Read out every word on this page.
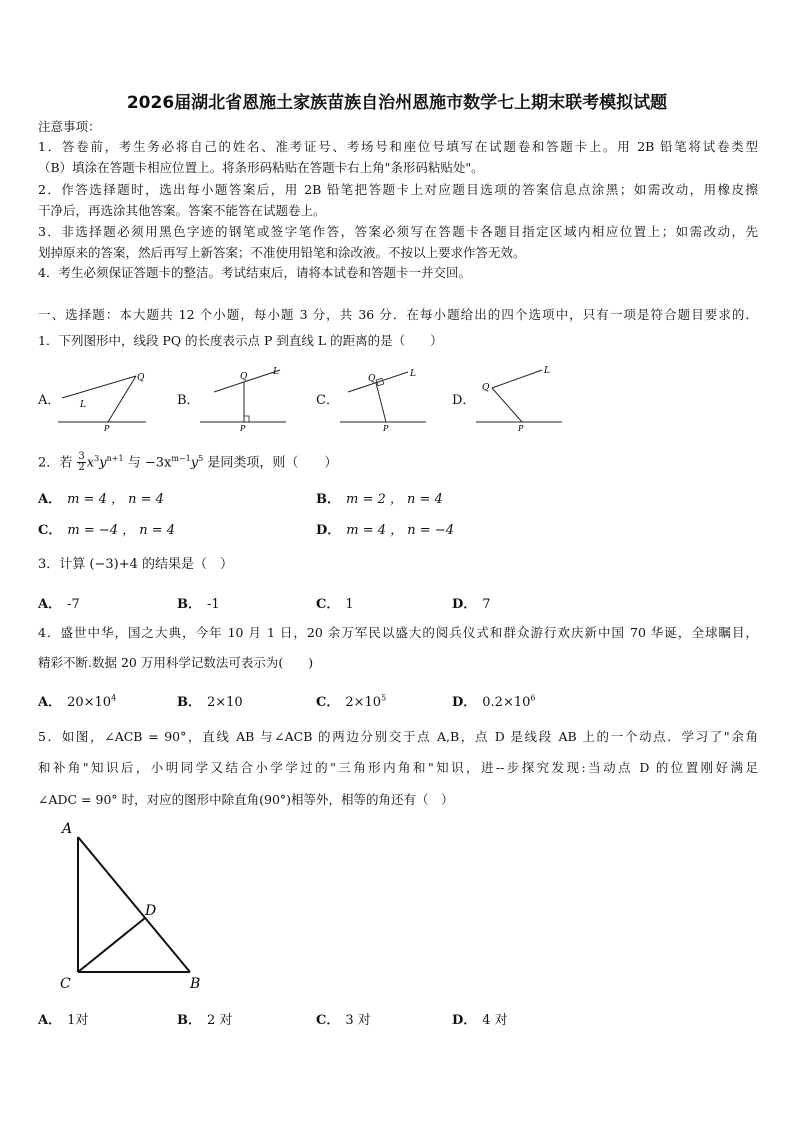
2026届湖北省恩施土家族苗族自治州恩施市数学七上期末联考模拟试题
注意事项：
1．答卷前，考生务必将自己的姓名、准考证号、考场号和座位号填写在试题卷和答题卡上。用 2B 铅笔将试卷类型
（B）填涂在答题卡相应位置上。将条形码粘贴在答题卡右上角"条形码粘贴处"。
2．作答选择题时，选出每小题答案后，用 2B 铅笔把答题卡上对应题目选项的答案信息点涂黑；如需改动，用橡皮擦
干净后，再选涂其他答案。答案不能答在试题卷上。
3．非选择题必须用黑色字迹的钢笔或签字笔作答，答案必须写在答题卡各题目指定区域内相应位置上；如需改动，先
划掉原来的答案，然后再写上新答案；不准使用铅笔和涂改液。不按以上要求作答无效。
4．考生必须保证答题卡的整洁。考试结束后，请将本试卷和答题卡一并交回。
一、选择题：本大题共 12 个小题，每小题 3 分，共 36 分．在每小题给出的四个选项中，只有一项是符合题目要求的．
1．下列图形中，线段 PQ 的长度表示点 P 到直线 L 的距离的是（　　）
A．
Q
L
P
B．
Q	L
P
C．
Q	L
P
D．
Q
L
P
2．若 $\frac{3}{2} x^3y^{n+1}$ 与 $-3x^{m-1}y^5$ 是同类项，则（　　）
A． m = 4 ， n = 4	B． m = 2 ， n = 4
C． m = −4 ， n = 4	D． m = 4 ， n = −4
3．计算 (−3)+4 的结果是（　）
A． -7	B． -1	C． 1	D． 7
4．盛世中华，国之大典，今年 10 月 1 日，20 余万军民以盛大的阅兵仪式和群众游行欢庆新中国 70 华诞，全球瞩目，
精彩不断.数据 20 万用科学记数法可表示为(　　)
A． $20\times 10^4$	B． 2×10	C． $2\times 10^5$	D． $0.2\times 10^6$
5．如图，∠ACB = 90°，直线 AB 与∠ACB 的两边分别交于点 A,B，点 D 是线段 AB 上的一个动点．学习了"余角
和补角"知识后，小明同学又结合小学学过的"三角形内角和"知识，进--步探究发现:当动点 D 的位置刚好满足
∠ADC = 90° 时，对应的图形中除直角(90°)相等外，相等的角还有（　）
A
C	B
D
A． 1对	B． 2 对	C． 3 对	D． 4 对
